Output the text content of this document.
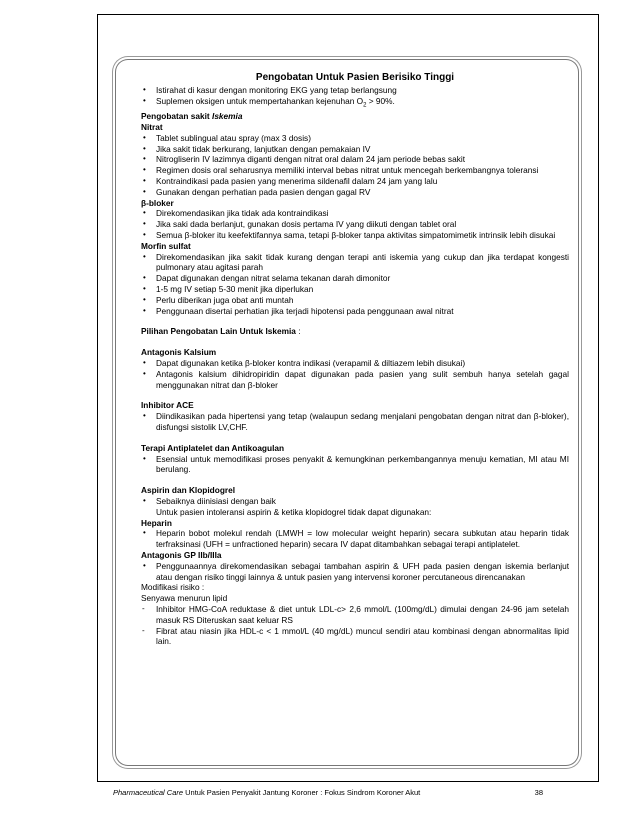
Pengobatan Untuk Pasien Berisiko Tinggi
• Istirahat di kasur dengan monitoring EKG yang tetap berlangsung
• Suplemen oksigen untuk mempertahankan kejenuhan $O_2 > 90\%$.
Pengobatan sakit Iskemia
Nitrat
• Tablet sublingual atau spray (max 3 dosis)
• Jika sakit tidak berkurang, lanjutkan dengan pemakaian IV
• Nitrogliserin IV lazimnya diganti dengan nitrat oral dalam 24 jam periode bebas sakit
• Regimen dosis oral seharusnya memiliki interval bebas nitrat untuk mencegah berkembangnya toleransi
• Kontraindikasi pada pasien yang menerima sildenafil dalam 24 jam yang lalu
• Gunakan dengan perhatian pada pasien dengan gagal RV
β-bloker
• Direkomendasikan jika tidak ada kontraindikasi
• Jika saki dada berlanjut, gunakan dosis pertama IV yang diikuti dengan tablet oral
• Semua β-bloker itu keefektifannya sama, tetapi β-bloker tanpa aktivitas simpatomimetik intrinsik lebih disukai
Morfin sulfat
• Direkomendasikan jika sakit tidak kurang dengan terapi anti iskemia yang cukup dan jika terdapat kongesti pulmonary atau agitasi parah
• Dapat digunakan dengan nitrat selama tekanan darah dimonitor
• 1-5 mg IV setiap 5-30 menit jika diperlukan
• Perlu diberikan juga obat anti muntah
• Penggunaan disertai perhatian jika terjadi hipotensi pada penggunaan awal nitrat
Pilihan Pengobatan Lain Untuk Iskemia :
Antagonis Kalsium
• Dapat digunakan ketika β-bloker kontra indikasi (verapamil & diltiazem lebih disukai)
• Antagonis kalsium dihidropiridin dapat digunakan pada pasien yang sulit sembuh hanya setelah gagal menggunakan nitrat dan β-bloker
Inhibitor ACE
• Diindikasikan pada hipertensi yang tetap (walaupun sedang menjalani pengobatan dengan nitrat dan β-bloker), disfungsi sistolik LV,CHF.
Terapi Antiplatelet dan Antikoagulan
• Esensial untuk memodifikasi proses penyakit & kemungkinan perkembangannya menuju kematian, MI atau MI berulang.
Aspirin dan Klopidogrel
• Sebaiknya diinisiasi dengan baik
Untuk pasien intoleransi aspirin & ketika klopidogrel tidak dapat digunakan:
Heparin
• Heparin bobot molekul rendah (LMWH = low molecular weight heparin) secara subkutan atau heparin tidak terfraksinasi (UFH = unfractioned heparin) secara IV dapat ditambahkan sebagai terapi antiplatelet.
Antagonis GP IIb/IIIa
• Penggunaannya direkomendasikan sebagai tambahan aspirin & UFH pada pasien dengan iskemia berlanjut atau dengan risiko tinggi lainnya & untuk pasien yang intervensi koroner percutaneous direncanakan
Modifikasi risiko :
Senyawa menurun lipid
- Inhibitor HMG-CoA reduktase & diet untuk LDL-c> 2,6 mmol/L (100mg/dL) dimulai dengan 24-96 jam setelah masuk RS Diteruskan saat keluar RS
- Fibrat atau niasin jika HDL-c < 1 mmol/L (40 mg/dL) muncul sendiri atau kombinasi dengan abnormalitas lipid lain.
Pharmaceutical Care Untuk Pasien Penyakit Jantung Koroner : Fokus Sindrom Koroner Akut	38
